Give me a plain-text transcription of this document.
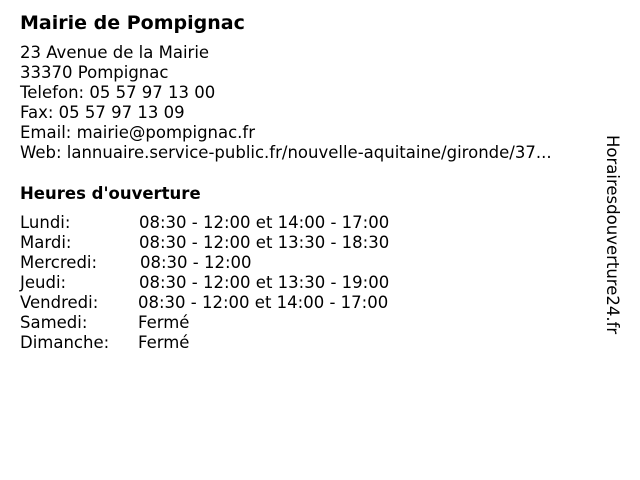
Mairie de Pompignac
23 Avenue de la Mairie
33370 Pompignac
Telefon: 05 57 97 13 00
Fax: 05 57 97 13 09
Email: mairie@pompignac.fr
Web: lannuaire.service-public.fr/nouvelle-aquitaine/gironde/37...
Heures d'ouverture
Lundi:	08:30 - 12:00 et 14:00 - 17:00
Mardi:	08:30 - 12:00 et 13:30 - 18:30
Mercredi:	08:30 - 12:00
Jeudi:	08:30 - 12:00 et 13:30 - 19:00
Vendredi: 08:30 - 12:00 et 14:00 - 17:00
Samedi:	Fermé
Dimanche: Fermé
Horairesdouverture24.fr
